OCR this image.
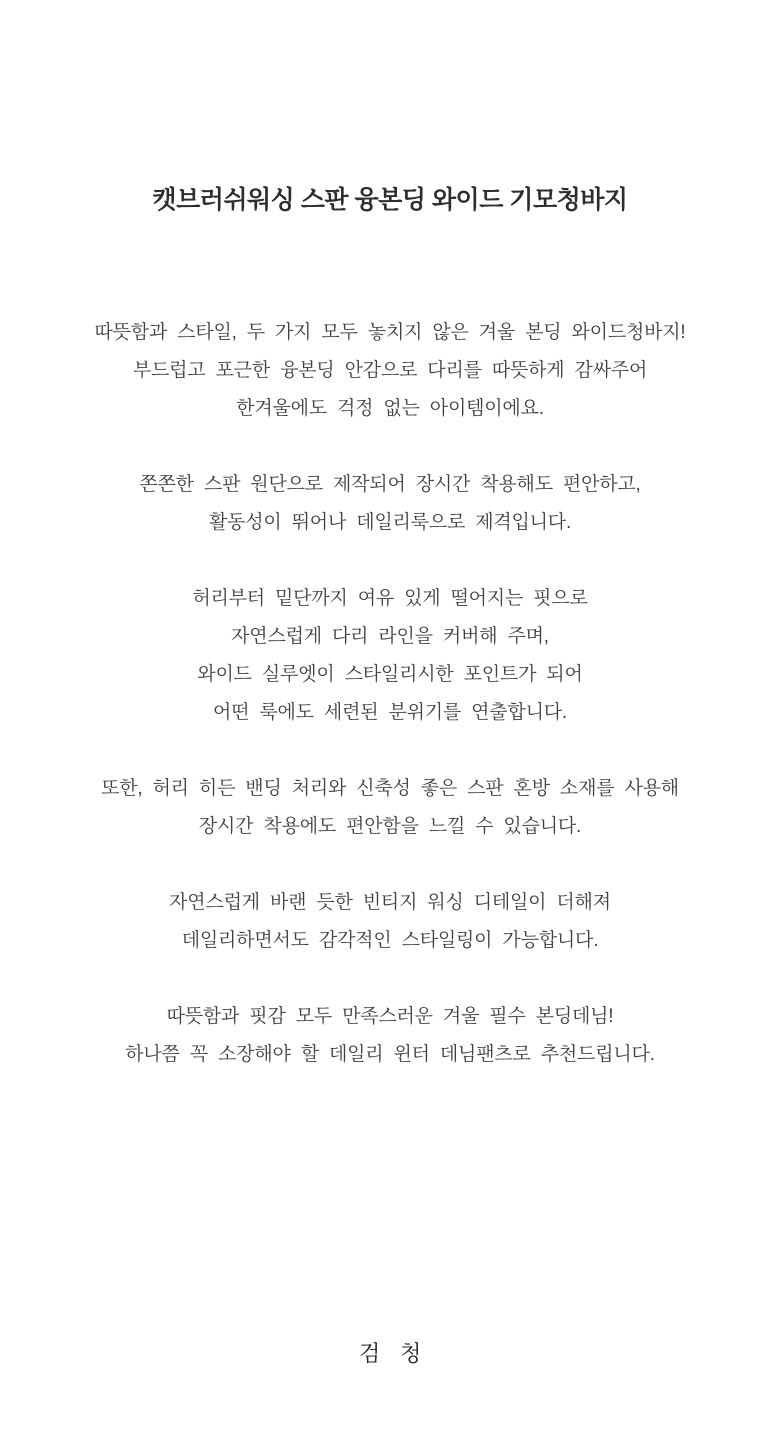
캣브러쉬워싱 스판 융본딩 와이드 기모청바지

따뜻함과 스타일, 두 가지 모두 놓치지 않은 겨울 본딩 와이드청바지!
부드럽고 포근한 융본딩 안감으로 다리를 따뜻하게 감싸주어
한겨울에도 걱정 없는 아이템이에요.

쫀쫀한 스판 원단으로 제작되어 장시간 착용해도 편안하고,
활동성이 뛰어나 데일리룩으로 제격입니다.

허리부터 밑단까지 여유 있게 떨어지는 핏으로
자연스럽게 다리 라인을 커버해 주며,
와이드 실루엣이 스타일리시한 포인트가 되어
어떤 룩에도 세련된 분위기를 연출합니다.

또한, 허리 히든 밴딩 처리와 신축성 좋은 스판 혼방 소재를 사용해
장시간 착용에도 편안함을 느낄 수 있습니다.

자연스럽게 바랜 듯한 빈티지 워싱 디테일이 더해져
데일리하면서도 감각적인 스타일링이 가능합니다.

따뜻함과 핏감 모두 만족스러운 겨울 필수 본딩데님!
하나쯤 꼭 소장해야 할 데일리 윈터 데님팬츠로 추천드립니다.

검 청
